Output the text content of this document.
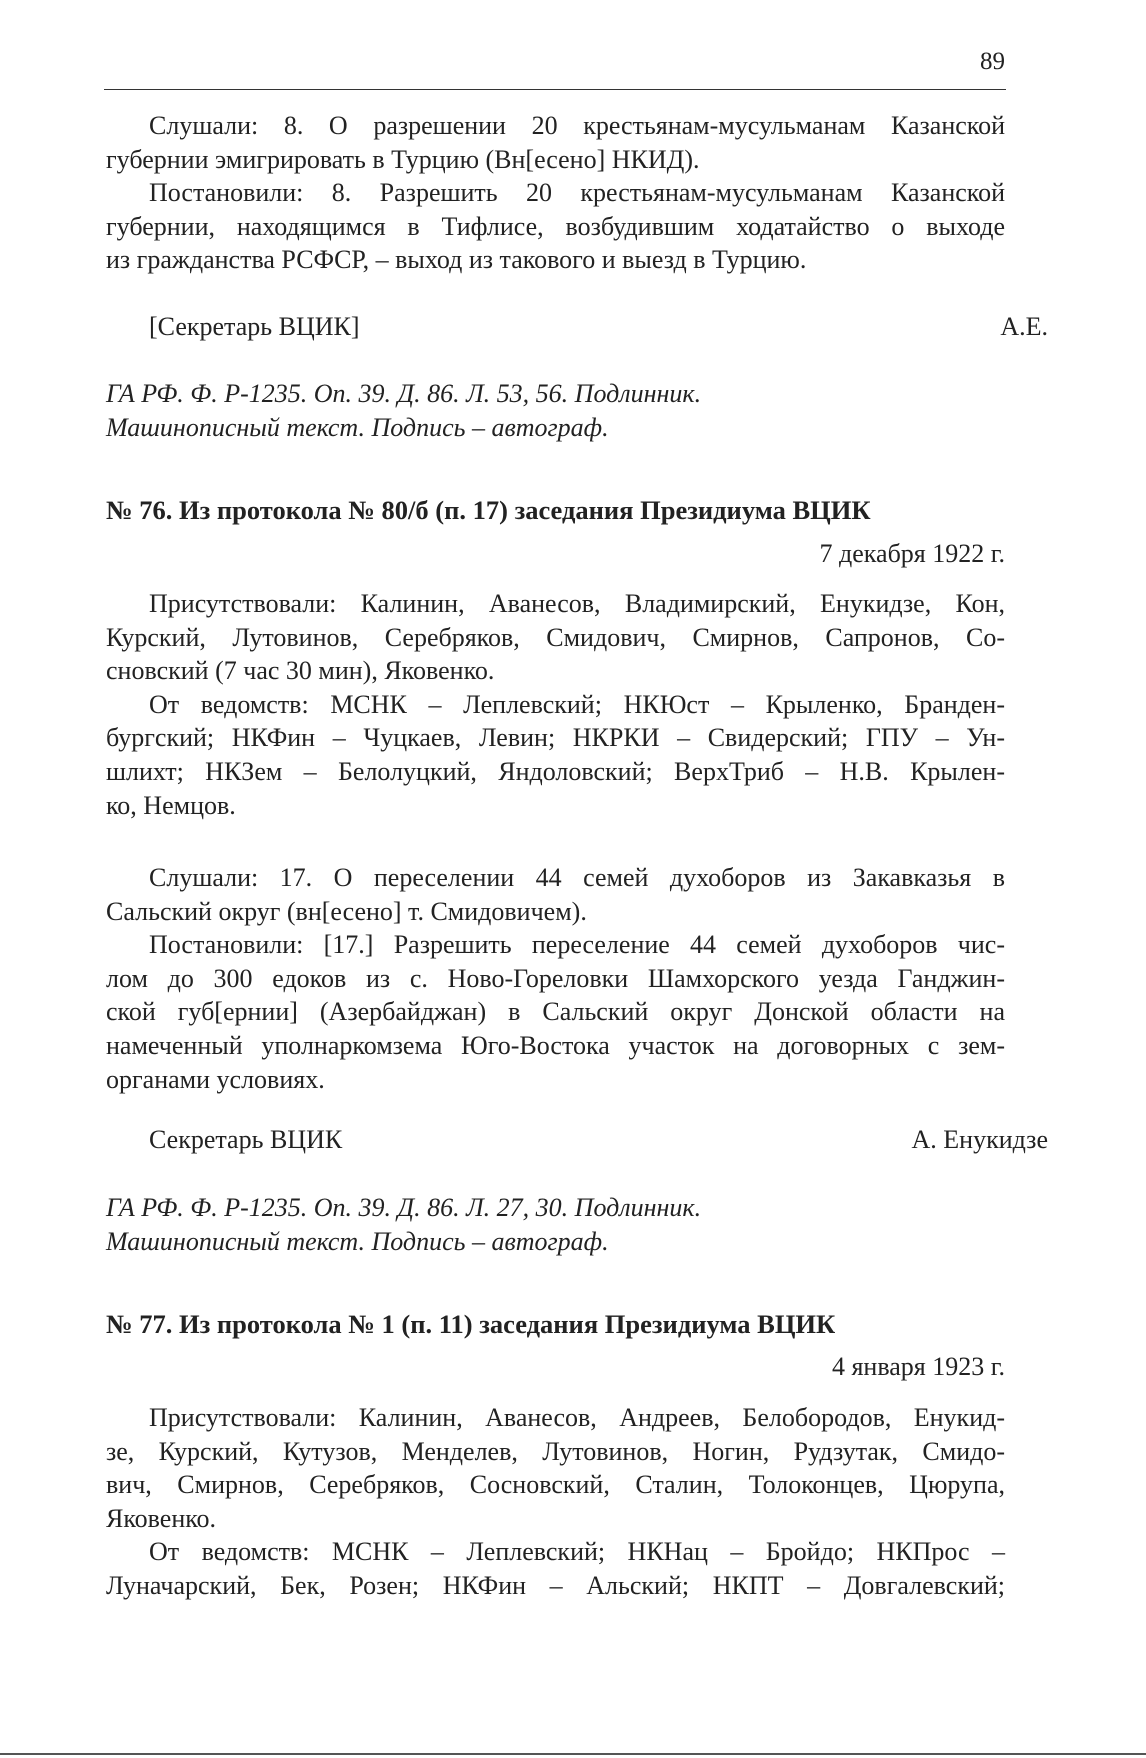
89
Слушали: 8. О разрешении 20 крестьянам-мусульманам Казанской
губернии эмигрировать в Турцию (Вн[есено] НКИД).
Постановили: 8. Разрешить 20 крестьянам-мусульманам Казанской
губернии, находящимся в Тифлисе, возбудившим ходатайство о выходе
из гражданства РСФСР, – выход из такового и выезд в Турцию.
[Секретарь ВЦИК]	А.Е.
ГА РФ. Ф. Р-1235. Оп. 39. Д. 86. Л. 53, 56. Подлинник.
Машинописный текст. Подпись – автограф.
№ 76. Из протокола № 80/б (п. 17) заседания Президиума ВЦИК
7 декабря 1922 г.
Присутствовали: Калинин, Аванесов, Владимирский, Енукидзе, Кон,
Курский, Лутовинов, Серебряков, Смидович, Смирнов, Сапронов, Со-
сновский (7 час 30 мин), Яковенко.
От ведомств: МСНК – Леплевский; НКЮст – Крыленко, Бранден-
бургский; НКФин – Чуцкаев, Левин; НКРКИ – Свидерский; ГПУ – Ун-
шлихт; НКЗем – Белолуцкий, Яндоловский; ВерхТриб – Н.В. Крылен-
ко, Немцов.
Слушали: 17. О переселении 44 семей духоборов из Закавказья в
Сальский округ (вн[есено] т. Смидовичем).
Постановили: [17.] Разрешить переселение 44 семей духоборов чис-
лом до 300 едоков из с. Ново-Гореловки Шамхорского уезда Ганджин-
ской губ[ернии] (Азербайджан) в Сальский округ Донской области на
намеченный уполнаркомзема Юго-Востока участок на договорных с зем-
органами условиях.
Секретарь ВЦИК	А. Енукидзе
ГА РФ. Ф. Р-1235. Оп. 39. Д. 86. Л. 27, 30. Подлинник.
Машинописный текст. Подпись – автограф.
№ 77. Из протокола № 1 (п. 11) заседания Президиума ВЦИК
4 января 1923 г.
Присутствовали: Калинин, Аванесов, Андреев, Белобородов, Енукид-
зе, Курский, Кутузов, Менделев, Лутовинов, Ногин, Рудзутак, Смидо-
вич, Смирнов, Серебряков, Сосновский, Сталин, Толоконцев, Цюрупа,
Яковенко.
От ведомств: МСНК – Леплевский; НКНац – Бройдо; НКПрос –
Луначарский, Бек, Розен; НКФин – Альский; НКПТ – Довгалевский;
